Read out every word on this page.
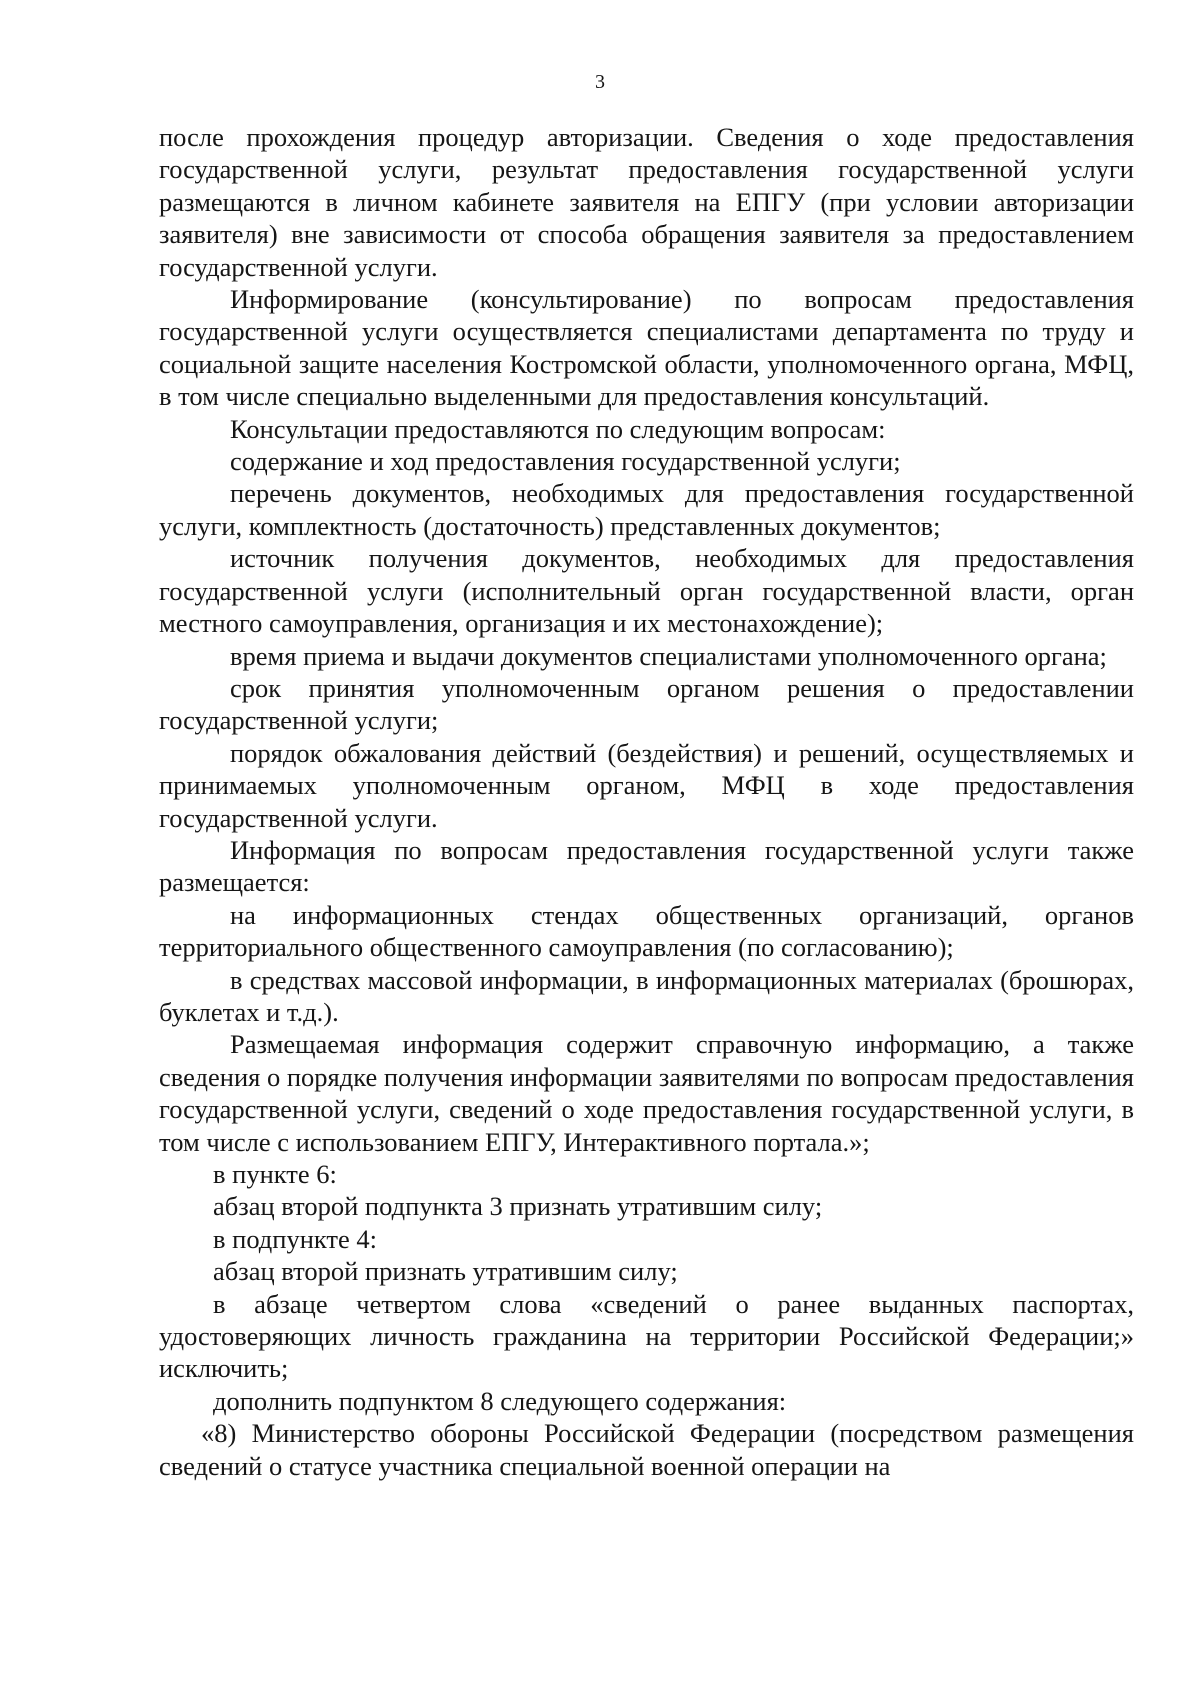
3

после прохождения процедур авторизации. Сведения о ходе предоставления государственной услуги, результат предоставления государственной услуги размещаются в личном кабинете заявителя на ЕПГУ (при условии авторизации заявителя) вне зависимости от способа обращения заявителя за предоставлением государственной услуги.

Информирование (консультирование) по вопросам предоставления государственной услуги осуществляется специалистами департамента по труду и социальной защите населения Костромской области, уполномоченного органа, МФЦ, в том числе специально выделенными для предоставления консультаций.

Консультации предоставляются по следующим вопросам:

содержание и ход предоставления государственной услуги;

перечень документов, необходимых для предоставления государственной услуги, комплектность (достаточность) представленных документов;

источник получения документов, необходимых для предоставления государственной услуги (исполнительный орган государственной власти, орган местного самоуправления, организация и их местонахождение);

время приема и выдачи документов специалистами уполномоченного органа;

срок принятия уполномоченным органом решения о предоставлении государственной услуги;

порядок обжалования действий (бездействия) и решений, осуществляемых и принимаемых уполномоченным органом, МФЦ в ходе предоставления государственной услуги.

Информация по вопросам предоставления государственной услуги также размещается:

на информационных стендах общественных организаций, органов территориального общественного самоуправления (по согласованию);

в средствах массовой информации, в информационных материалах (брошюрах, буклетах и т.д.).

Размещаемая информация содержит справочную информацию, а также сведения о порядке получения информации заявителями по вопросам предоставления государственной услуги, сведений о ходе предоставления государственной услуги, в том числе с использованием ЕПГУ, Интерактивного портала.»;

в пункте 6:

абзац второй подпункта 3 признать утратившим силу;

в подпункте 4:

абзац второй признать утратившим силу;

в абзаце четвертом слова «сведений о ранее выданных паспортах, удостоверяющих личность гражданина на территории Российской Федерации;» исключить;

дополнить подпунктом 8 следующего содержания:

«8) Министерство обороны Российской Федерации (посредством размещения сведений о статусе участника специальной военной операции на
